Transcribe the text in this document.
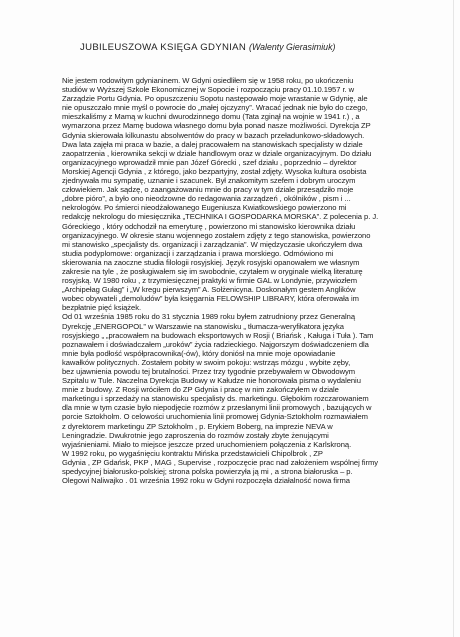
JUBILEUSZOWA KSIĘGA GDYNIAN (Walenty Gierasimiuk)
Nie jestem rodowitym gdynianinem. W Gdyni osiedliłem się w 1958 roku, po ukończeniu
studiów w Wyższej Szkole Ekonomicznej w Sopocie i rozpocząciu pracy 01.10.1957 r. w
Zarządzie Portu Gdynia. Po opuszczeniu Sopotu następowało moje wrastanie w Gdynię, ale
nie opuszczało mnie myśl o powrocie do „małej ojczyzny”. Wracać jednak nie było do czego,
mieszkaliśmy z Mamą w kuchni dwurodzinnego domu (Tata zginął na wojnie w 1941 r.) , a
wymarzona przez Mamę budowa własnego domu była ponad nasze możliwości. Dyrekcja ZP
Gdynia skierowała kilkunastu absolwentów do pracy w bazach przeładunkowo-składowych.
Dwa lata zajęła mi praca w bazie, a dalej pracowałem na stanowiskach specjalisty w dziale
zaopatrzenia , kierownika sekcji w dziale handlowym oraz w dziale organizacyjnym. Do działu
organizacyjnego wprowadził mnie pan Józef Górecki , szef działu , poprzednio – dyrektor
Morskiej Agencji Gdynia , z którego, jako bezpartyjny, został zdjęty. Wysoka kultura osobista
zjednywała mu sympatię, uznanie i szacunek. Był znakomitym szefem i dobrym uroczym
człowiekiem. Jak sądzę, o zaangażowaniu mnie do pracy w tym dziale przesądziło moje
„dobre pióro”, a było ono nieodzowne do redagowania zarządzeń , okólników , pism i ...
nekrologów. Po śmierci nieodżałowanego Eugeniusza Kwiatkowskiego powierzono mi
redakcję nekrologu do miesięcznika „TECHNIKA I GOSPODARKA MORSKA”. Z polecenia p. J.
Góreckiego , który odchodził na emeryturę , powierzono mi stanowisko kierownika działu
organizacyjnego. W okresie stanu wojennego zostałem zdjęty z tego stanowiska, powierzono
mi stanowisko „specjalisty ds. organizacji i zarządzania”. W międzyczasie ukończyłem dwa
studia podyplomowe: organizacji i zarządzania i prawa morskiego. Odmówiono mi
skierowania na zaoczne studia filologii rosyjskiej. Język rosyjski opanowałem we własnym
zakresie na tyle , że posługiwałem się im swobodnie, czytałem w oryginale wielką literaturę
rosyjską. W 1980 roku , z trzymiesięcznej praktyki w firmie GAL w Londynie, przywiozłem
„Archipełag Gułag” i „W kregu pierwszym” A. Sołżenicyna. Doskonałym gestem Anglików
wobec obywateli „demoludów” była księgarnia FELOWSHIP LIBRARY, która oferowała im
bezpłatnie pięć książek.
Od 01 września 1985 roku do 31 stycznia 1989 roku byłem zatrudniony przez Generalną
Dyrekcję „ENERGOPOL” w Warszawie na stanowisku „ tłumacza-weryfikatora języka
rosyjskiego „ „pracowałem na budowach eksportowych w Rosji ( Briańsk , Kaługa i Tuła ). Tam
poznawałem i doświadczałem „uroków” życia radzieckiego. Najgorszym doświadczeniem dla
mnie była podłość współpracownika(-ów), który doniósł na mnie moje opowiadanie
kawałków politycznych. Zostałem pobity w swoim pokoju: wstrząs mózgu , wybite zęby,
bez ujawnienia powodu tej brutalności. Przez trzy tygodnie przebywałem w Obwodowym
Szpitalu w Tule. Naczelna Dyrekcja Budowy w Kałudze nie honorowała pisma o wydaleniu
mnie z budowy. Z Rosji wróciłem do ZP Gdynia i pracę w nim zakończyłem w dziale
marketingu i sprzedaży na stanowisku specjalisty ds. marketingu. Głębokim rozczarowaniem
dla mnie w tym czasie było niepodjęcie rozmów z przesłanymi linii promowych , bazujących w
porcie Sztokholm. O celowości uruchomienia linii promowej Gdynia-Sztokholm rozmawiałem
z dyrektorem marketingu ZP Sztokholm , p. Erykiem Boberg, na imprezie NEVA w
Leningradzie. Dwukrotnie jego zaproszenia do rozmów zostały zbyte żenującymi
wyjaśnieniami. Miało to miejsce jeszcze przed uruchomieniem połączenia z Karlskroną.
W 1992 roku, po wygaśnięciu kontraktu Mińska przedstawicieli Chipolbrok , ZP
Gdynia , ZP Gdańsk, PKP , MAG , Supervise , rozpoczęcie prac nad założeniem wspólnej firmy
spedycyjnej białorusko-polskiej; strona polska powierzyła ją mi , a strona białoruska – p.
Olegowi Naliwajko . 01 września 1992 roku w Gdyni rozpoczęła działalność nowa firma
